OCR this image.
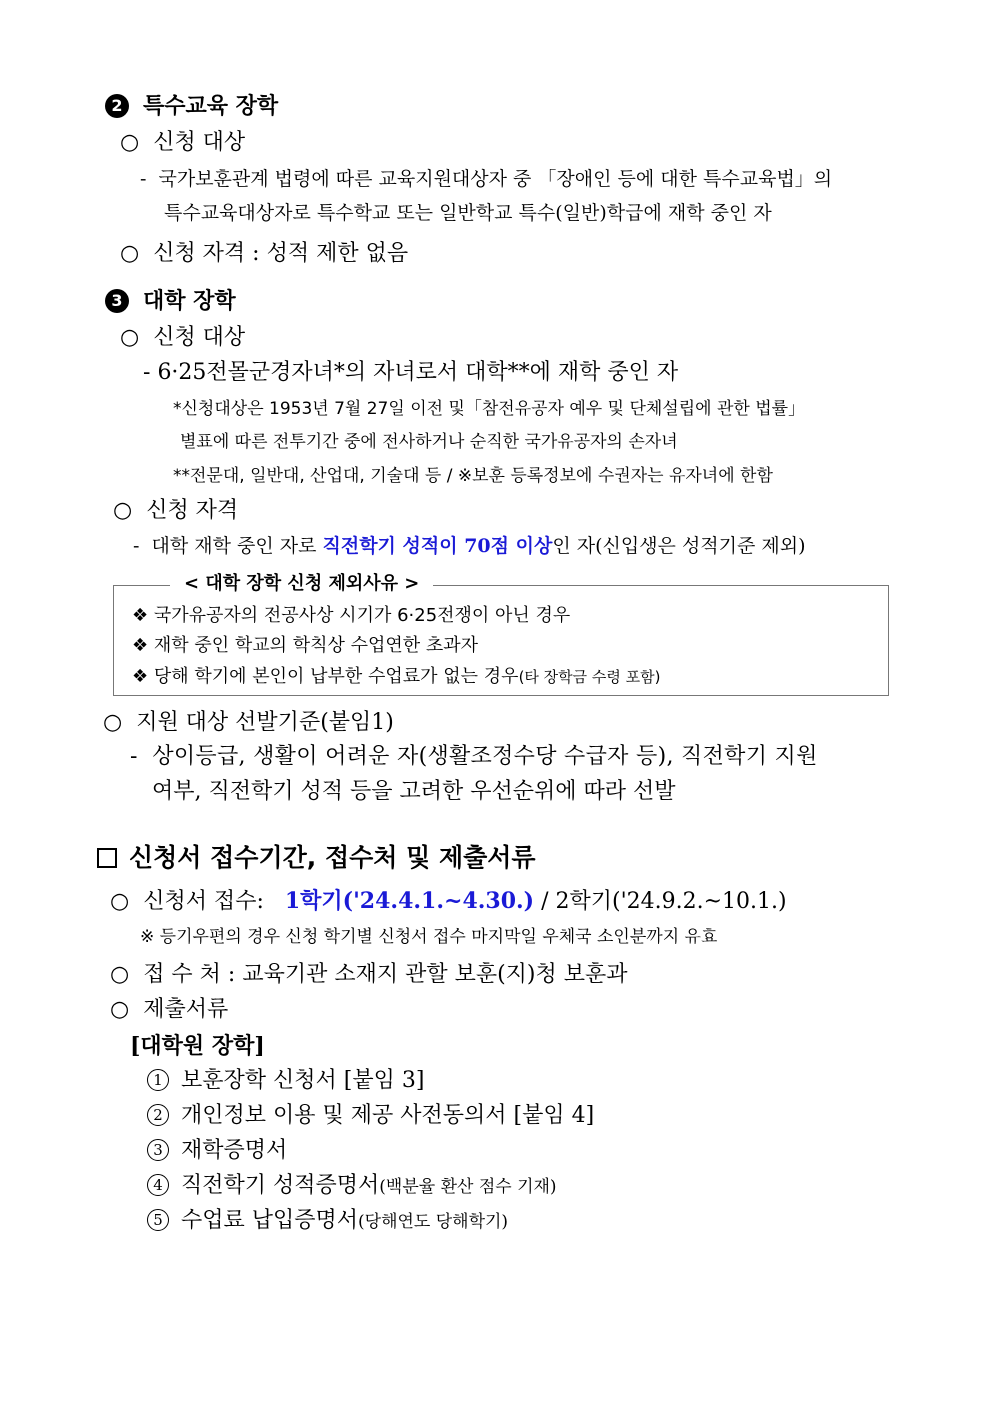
2 특수교육 장학
○  신청 대상
-  국가보훈관계 법령에 따른 교육지원대상자 중 「장애인 등에 대한 특수교육법」의
특수교육대상자로 특수학교 또는 일반학교 특수(일반)학급에 재학 중인 자
○  신청 자격 : 성적 제한 없음
3 대학 장학
○  신청 대상
- 6·25전몰군경자녀*의 자녀로서 대학**에 재학 중인 자
*신청대상은 1953년 7월 27일 이전 및「참전유공자 예우 및 단체설립에 관한 법률」
별표에 따른 전투기간 중에 전사하거나 순직한 국가유공자의 손자녀
**전문대, 일반대, 산업대, 기술대 등 / ※보훈 등록정보에 수권자는 유자녀에 한함
○  신청 자격
-  대학 재학 중인 자로 직전학기 성적이 70점 이상인 자(신입생은 성적기준 제외)
❖ 국가유공자의 전공사상 시기가 6·25전쟁이 아닌 경우
❖ 재학 중인 학교의 학칙상 수업연한 초과자
❖ 당해 학기에 본인이 납부한 수업료가 없는 경우(타 장학금 수령 포함)
< 대학 장학 신청 제외사유 >
○  지원 대상 선발기준(붙임1)
-  상이등급, 생활이 어려운 자(생활조정수당 수급자 등), 직전학기 지원
여부, 직전학기 성적 등을 고려한 우선순위에 따라 선발
신청서 접수기간, 접수처 및 제출서류
○  신청서 접수: 1학기('24.4.1.~4.30.) / 2학기('24.9.2.~10.1.)
※ 등기우편의 경우 신청 학기별 신청서 접수 마지막일 우체국 소인분까지 유효
○  접 수 처 : 교육기관 소재지 관할 보훈(지)청 보훈과
○  제출서류
[대학원 장학]
1 보훈장학 신청서 [붙임 3]
2 개인정보 이용 및 제공 사전동의서 [붙임 4]
3 재학증명서
4 직전학기 성적증명서(백분율 환산 점수 기재)
5 수업료 납입증명서(당해연도 당해학기)
